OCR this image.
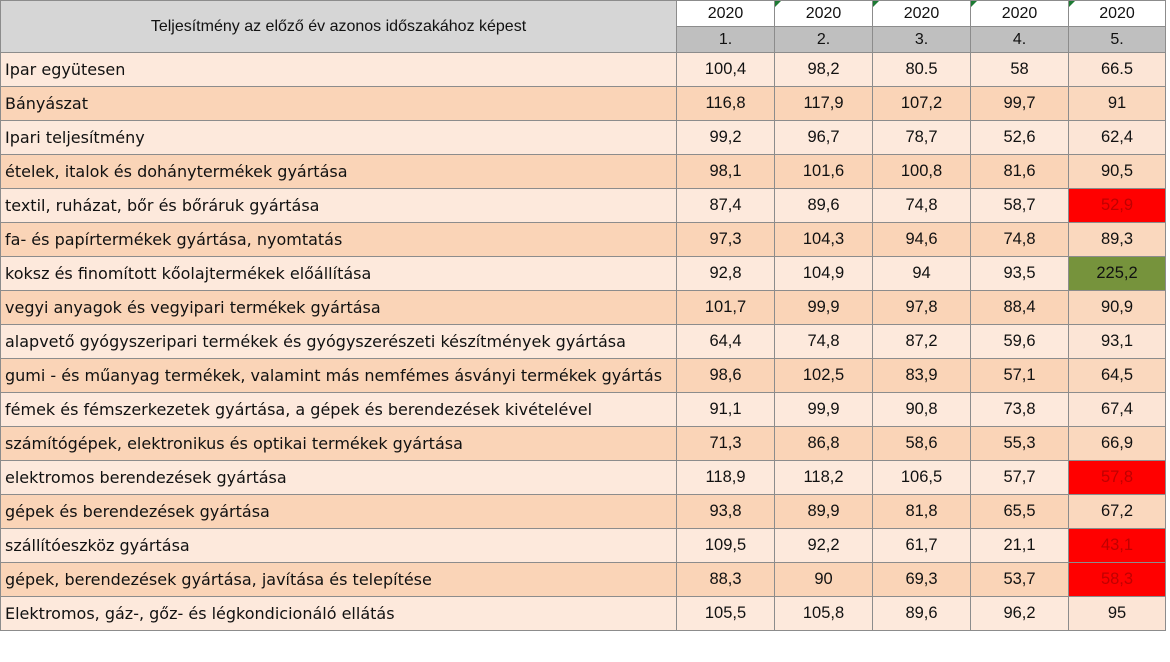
Teljesítmény az előző év azonos időszakához képest	2020	2020	2020	2020	2020
	1.	2.	3.	4.	5.
Ipar együtesen	100,4	98,2	80.5	58	66.5
Bányászat	116,8	117,9	107,2	99,7	91
Ipari teljesítmény	99,2	96,7	78,7	52,6	62,4
ételek, italok és dohánytermékek gyártása	98,1	101,6	100,8	81,6	90,5
textil, ruházat, bőr és bőráruk gyártása	87,4	89,6	74,8	58,7	52,9
fa- és papírtermékek gyártása, nyomtatás	97,3	104,3	94,6	74,8	89,3
koksz és finomított kőolajtermékek előállítása	92,8	104,9	94	93,5	225,2
vegyi anyagok és vegyipari termékek gyártása	101,7	99,9	97,8	88,4	90,9
alapvető gyógyszeripari termékek és gyógyszerészeti készítmények gyártása	64,4	74,8	87,2	59,6	93,1
gumi - és műanyag termékek, valamint más nemfémes ásványi termékek gyártás	98,6	102,5	83,9	57,1	64,5
fémek és fémszerkezetek gyártása, a gépek és berendezések kivételével	91,1	99,9	90,8	73,8	67,4
számítógépek, elektronikus és optikai termékek gyártása	71,3	86,8	58,6	55,3	66,9
elektromos berendezések gyártása	118,9	118,2	106,5	57,7	57,8
gépek és berendezések gyártása	93,8	89,9	81,8	65,5	67,2
szállítóeszköz gyártása	109,5	92,2	61,7	21,1	43,1
gépek, berendezések gyártása, javítása és telepítése	88,3	90	69,3	53,7	58,3
Elektromos, gáz-, gőz- és légkondicionáló ellátás	105,5	105,8	89,6	96,2	95
